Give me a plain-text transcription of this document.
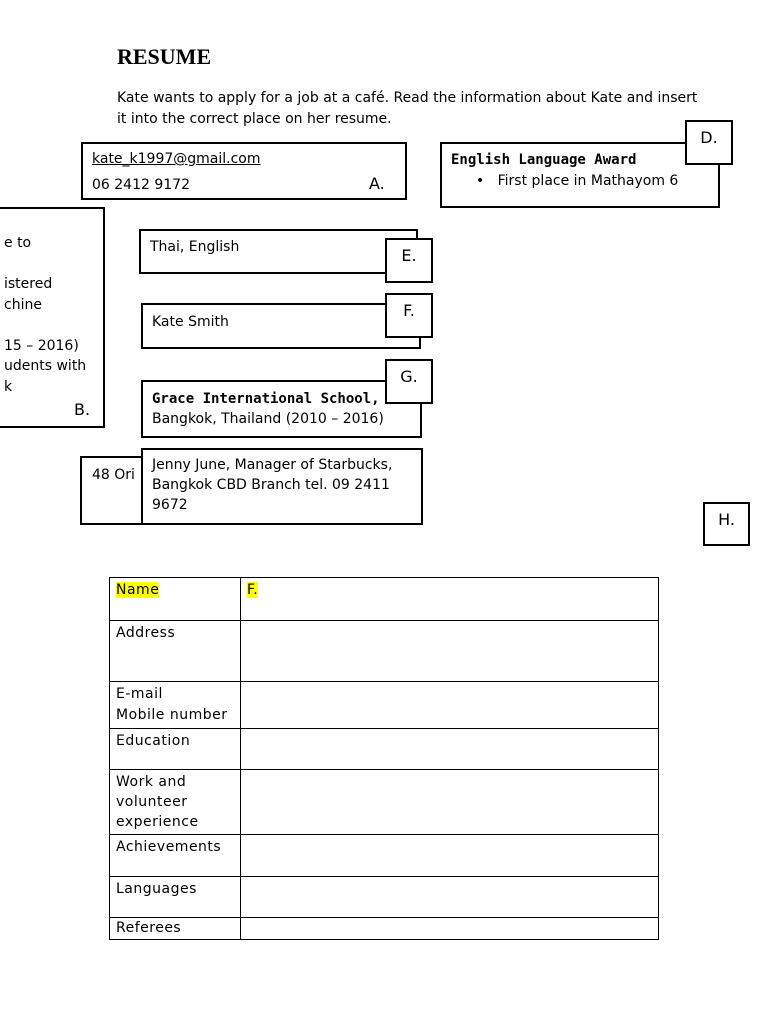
RESUME
Kate wants to apply for a job at a café. Read the information about Kate and insert it into the correct place on her resume.
e to

istered
chine

15 – 2016)
udents with
k
B.
kate_k1997@gmail.com
06 2412 9172	A.
English Language Award
• First place in Mathayom 6
D.
Thai, English	E.
Kate Smith
F.
Grace International School,
Bangkok, Thailand (2010 – 2016)
G.
48 Ori
Jenny June, Manager of Starbucks,
Bangkok CBD Branch tel. 09 2411
9672
H.
Name	F.
Address	
E-mail
Mobile number	
Education	
Work and
volunteer
experience	
Achievements	
Languages	
Referees	
